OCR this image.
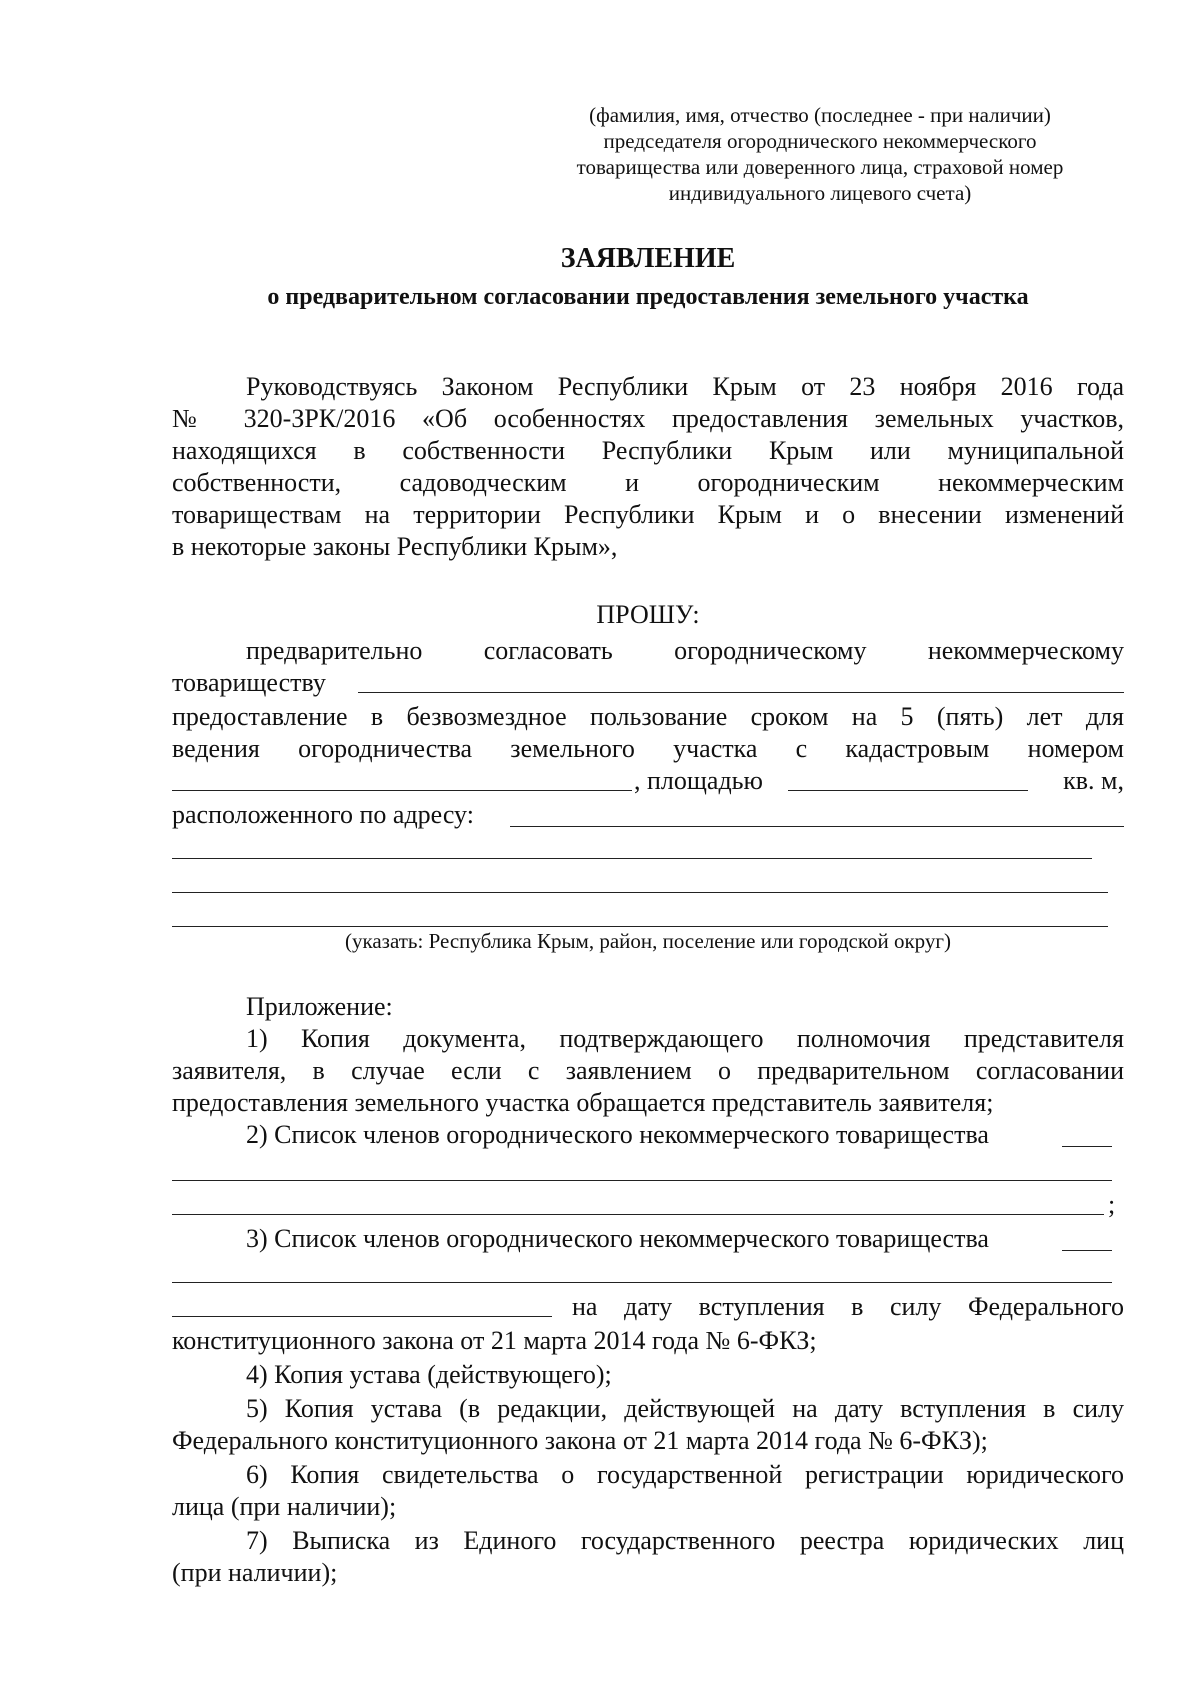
(фамилия, имя, отчество (последнее - при наличии)
председателя огороднического некоммерческого
товарищества или доверенного лица, страховой номер
индивидуального лицевого счета)
ЗАЯВЛЕНИЕ
о предварительном согласовании предоставления земельного участка
Руководствуясь Законом Республики Крым от 23 ноября 2016 года
№ 320-ЗРК/2016 «Об особенностях предоставления земельных участков,
находящихся в собственности Республики Крым или муниципальной
собственности, садоводческим и огородническим некоммерческим
товариществам на территории Республики Крым и о внесении изменений
в некоторые законы Республики Крым»,
ПРОШУ:
предварительно согласовать огородническому некоммерческому
товариществу
предоставление в безвозмездное пользование сроком на 5 (пять) лет для
ведения огородничества земельного участка с кадастровым номером
, площадью	кв. м,
расположенного по адресу:
(указать: Республика Крым, район, поселение или городской округ)
Приложение:
1) Копия документа, подтверждающего полномочия представителя
заявителя, в случае если с заявлением о предварительном согласовании
предоставления земельного участка обращается представитель заявителя;
2) Список членов огороднического некоммерческого товарищества
;
3) Список членов огороднического некоммерческого товарищества
на дату вступления в силу Федерального
конституционного закона от 21 марта 2014 года № 6-ФКЗ;
4) Копия устава (действующего);
5) Копия устава (в редакции, действующей на дату вступления в силу
Федерального конституционного закона от 21 марта 2014 года № 6-ФКЗ);
6) Копия свидетельства о государственной регистрации юридического
лица (при наличии);
7) Выписка из Единого государственного реестра юридических лиц
(при наличии);
